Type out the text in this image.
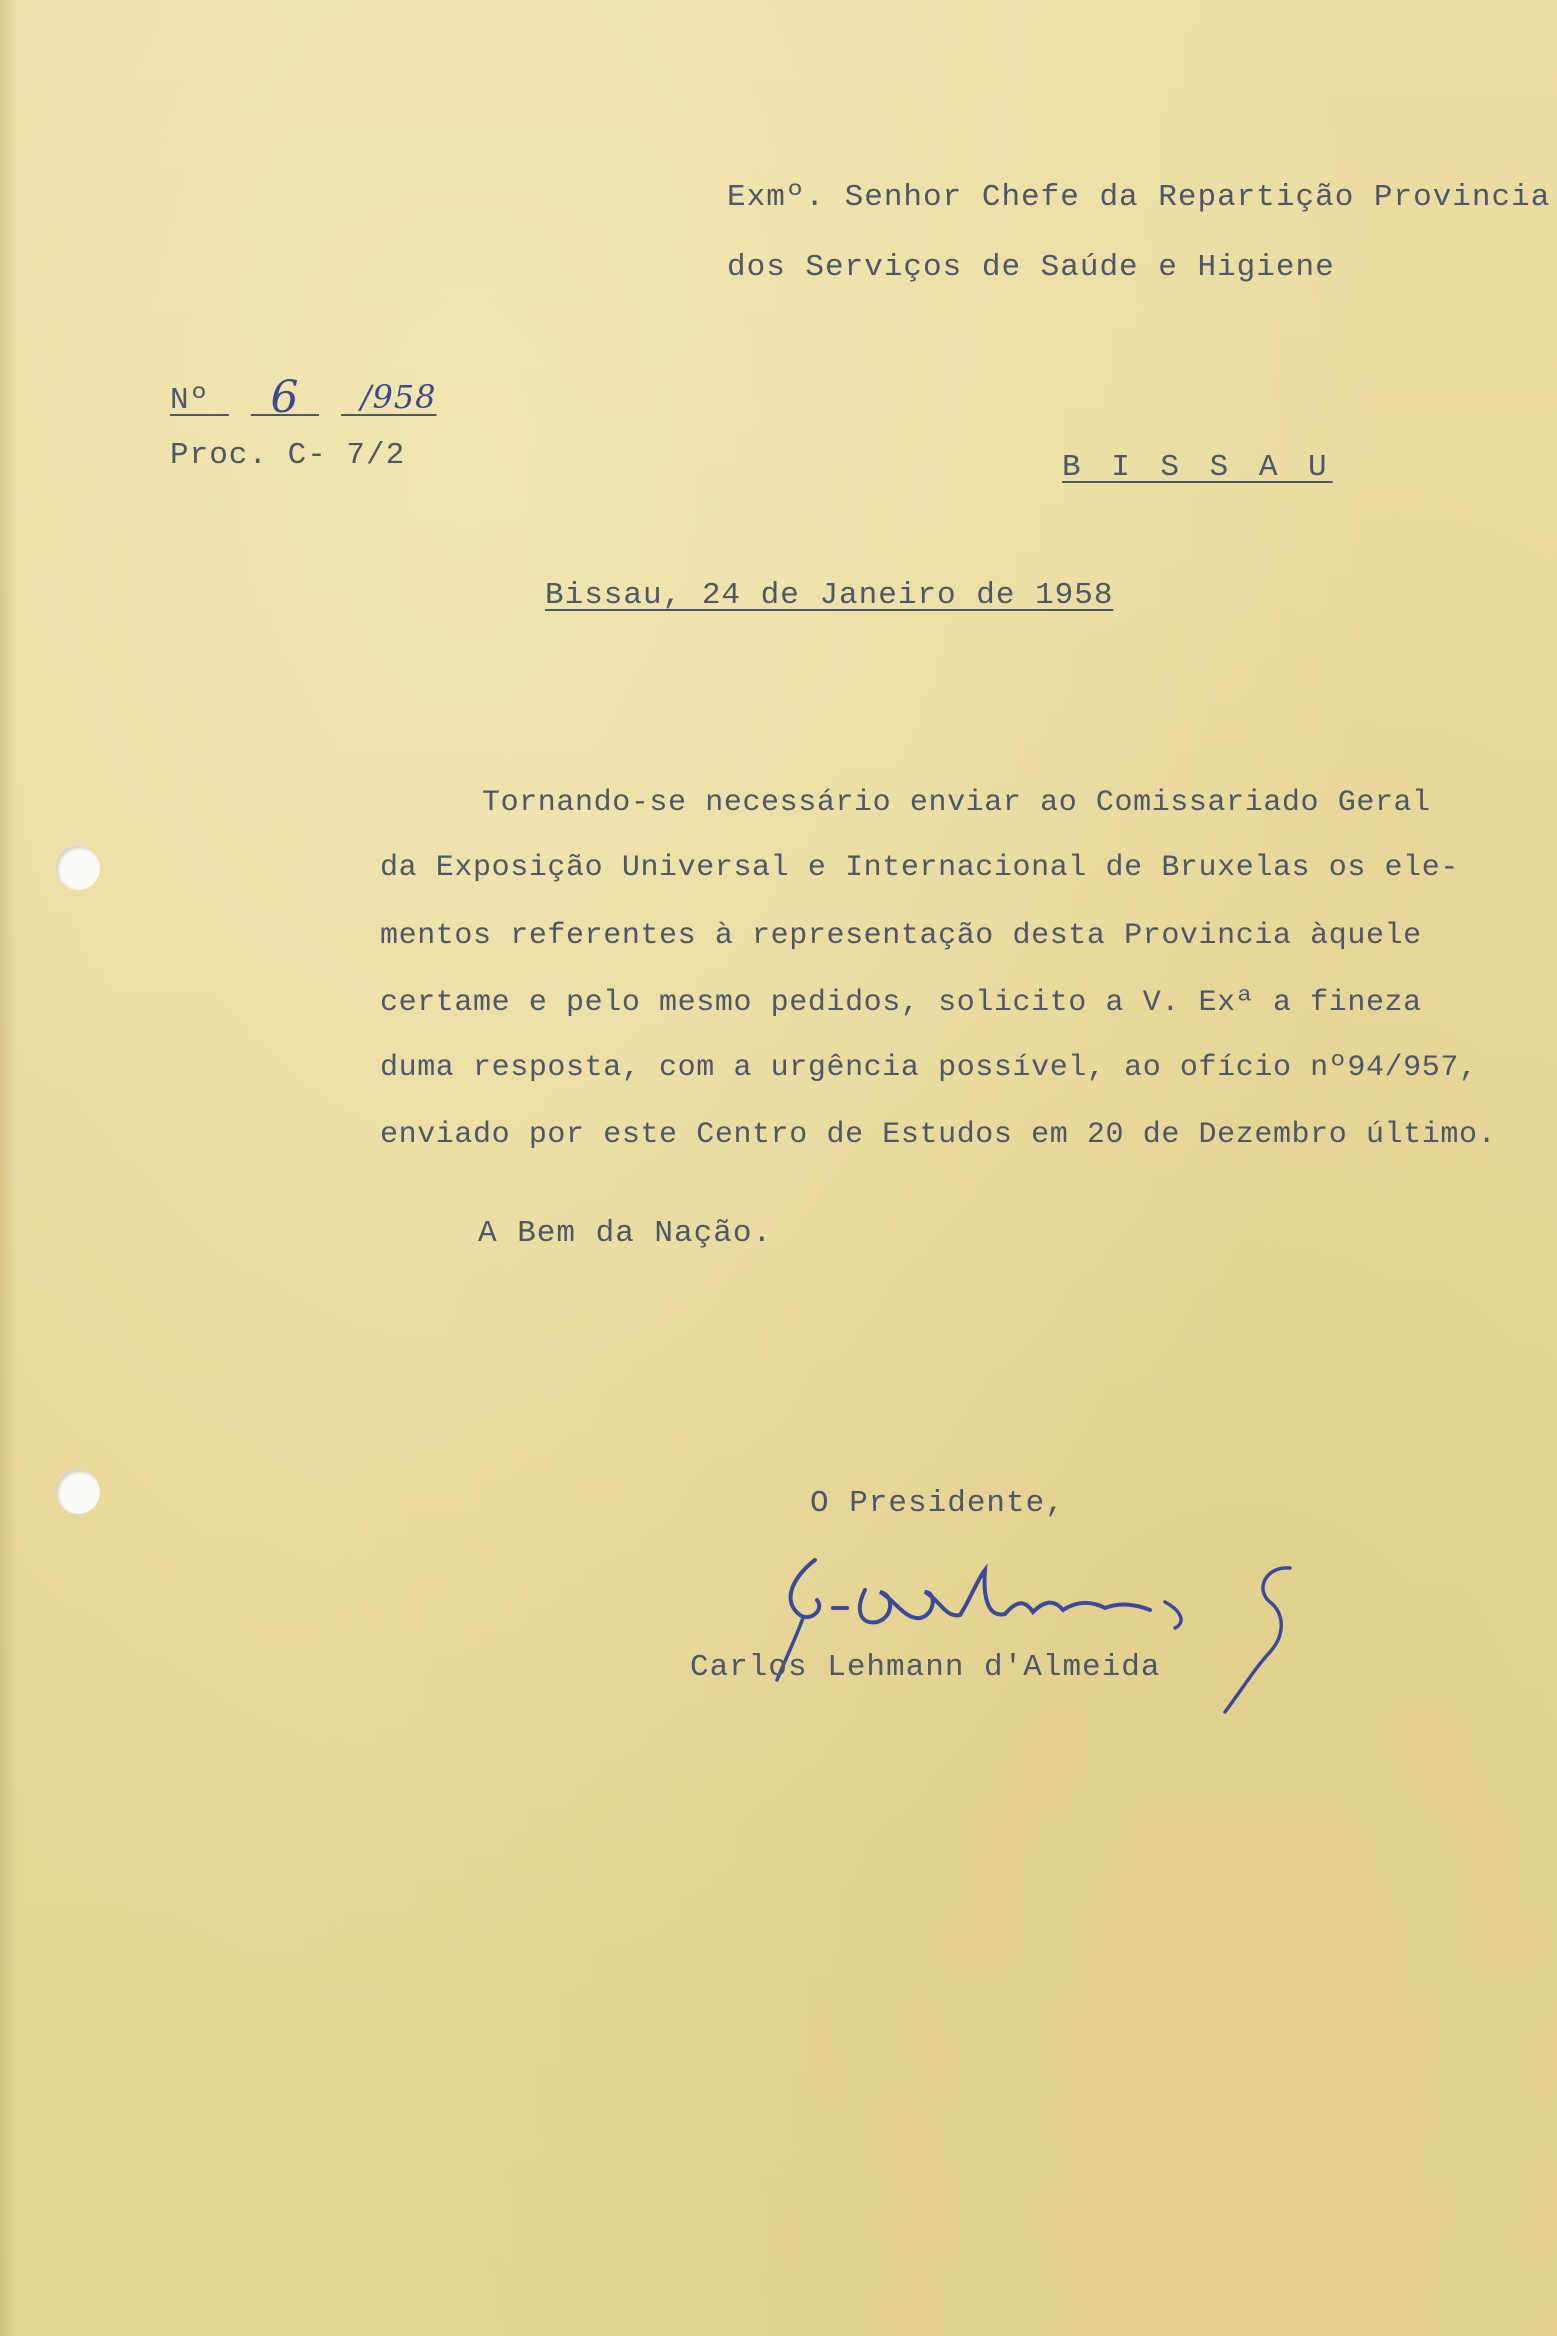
Exmº. Senhor Chefe da Repartição Provincia
dos Serviços de Saúde e Higiene
Nº 6 /958
Proc. C- 7/2	B I S S A U
Bissau, 24 de Janeiro de 1958
Tornando-se necessário enviar ao Comissariado Geral
da Exposição Universal e Internacional de Bruxelas os ele-
mentos referentes à representação desta Provincia àquele
certame e pelo mesmo pedidos, solicito a V. Exª a fineza
duma resposta, com a urgência possível, ao ofício nº94/957,
enviado por este Centro de Estudos em 20 de Dezembro último.
A Bem da Nação.
O Presidente,
Carlos Lehmann d'Almeida
